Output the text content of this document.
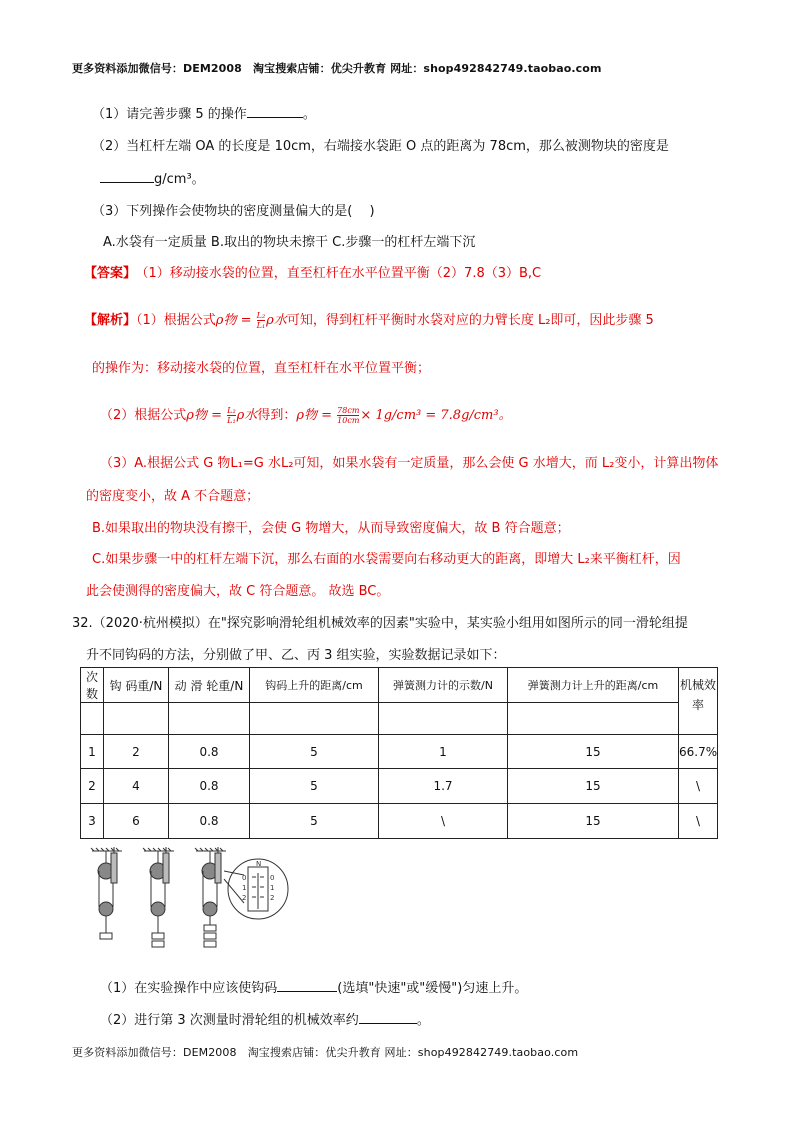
更多资料添加微信号：DEM2008　淘宝搜索店铺：优尖升教育 网址：shop492842749.taobao.com
（1）请完善步骤 5 的操作	。
（2）当杠杆左端 OA 的长度是 10cm，右端接水袋距 O 点的距离为 78cm，那么被测物块的密度是
g/cm³。
（3）下列操作会使物块的密度测量偏大的是(　 )
A.水袋有一定质量 B.取出的物块未擦干 C.步骤一的杠杆左端下沉
【答案】 （1）移动接水袋的位置，直至杠杆在水平位置平衡（2）7.8（3）B,C
【解析】（1）根据公式ρ物 = $\frac{\text{L₂}}{\text{L₁}}$ ρ水可知，得到杠杆平衡时水袋对应的力臂长度 L₂即可，因此步骤 5
的操作为：移动接水袋的位置，直至杠杆在水平位置平衡；
（2）根据公式ρ物 = $\frac{\text{L₂}}{\text{L₁}}$ ρ水得到：ρ物 = $\frac{78cm}{10cm} \times 1g/cm^3 = 7.8g/cm^3$。
（3）A.根据公式 G 物L₁=G 水L₂可知，如果水袋有一定质量，那么会使 G 水增大，而 L₂变小，计算出物体
的密度变小，故 A 不合题意；
B.如果取出的物块没有擦干，会使 G 物增大，从而导致密度偏大，故 B 符合题意；
C.如果步骤一中的杠杆左端下沉，那么右面的水袋需要向右移动更大的距离，即增大 L₂来平衡杠杆，因
此会使测得的密度偏大，故 C 符合题意。 故选 BC。
32.（2020·杭州模拟）在"探究影响滑轮组机械效率的因素"实验中，某实验小组用如图所示的同一滑轮组提
升不同钩码的方法，分别做了甲、乙、丙 3 组实验，实验数据记录如下：
次数	钩 码重/N	动 滑 轮重/N	钩码上升的距离/cm	弹簧测力计的示数/N	弹簧测力计上升的距离/cm	机械效率

1	2	0.8	5	1	15	66.7%
2	4	0.8	5	1.7	15	\
3	6	0.8	5	\	15	\
N
0
1
2
0
1
2
（1）在实验操作中应该使钩码	(选填"快速"或"缓慢")匀速上升。
（2）进行第 3 次测量时滑轮组的机械效率约	。
更多资料添加微信号：DEM2008　淘宝搜索店铺：优尖升教育 网址：shop492842749.taobao.com
